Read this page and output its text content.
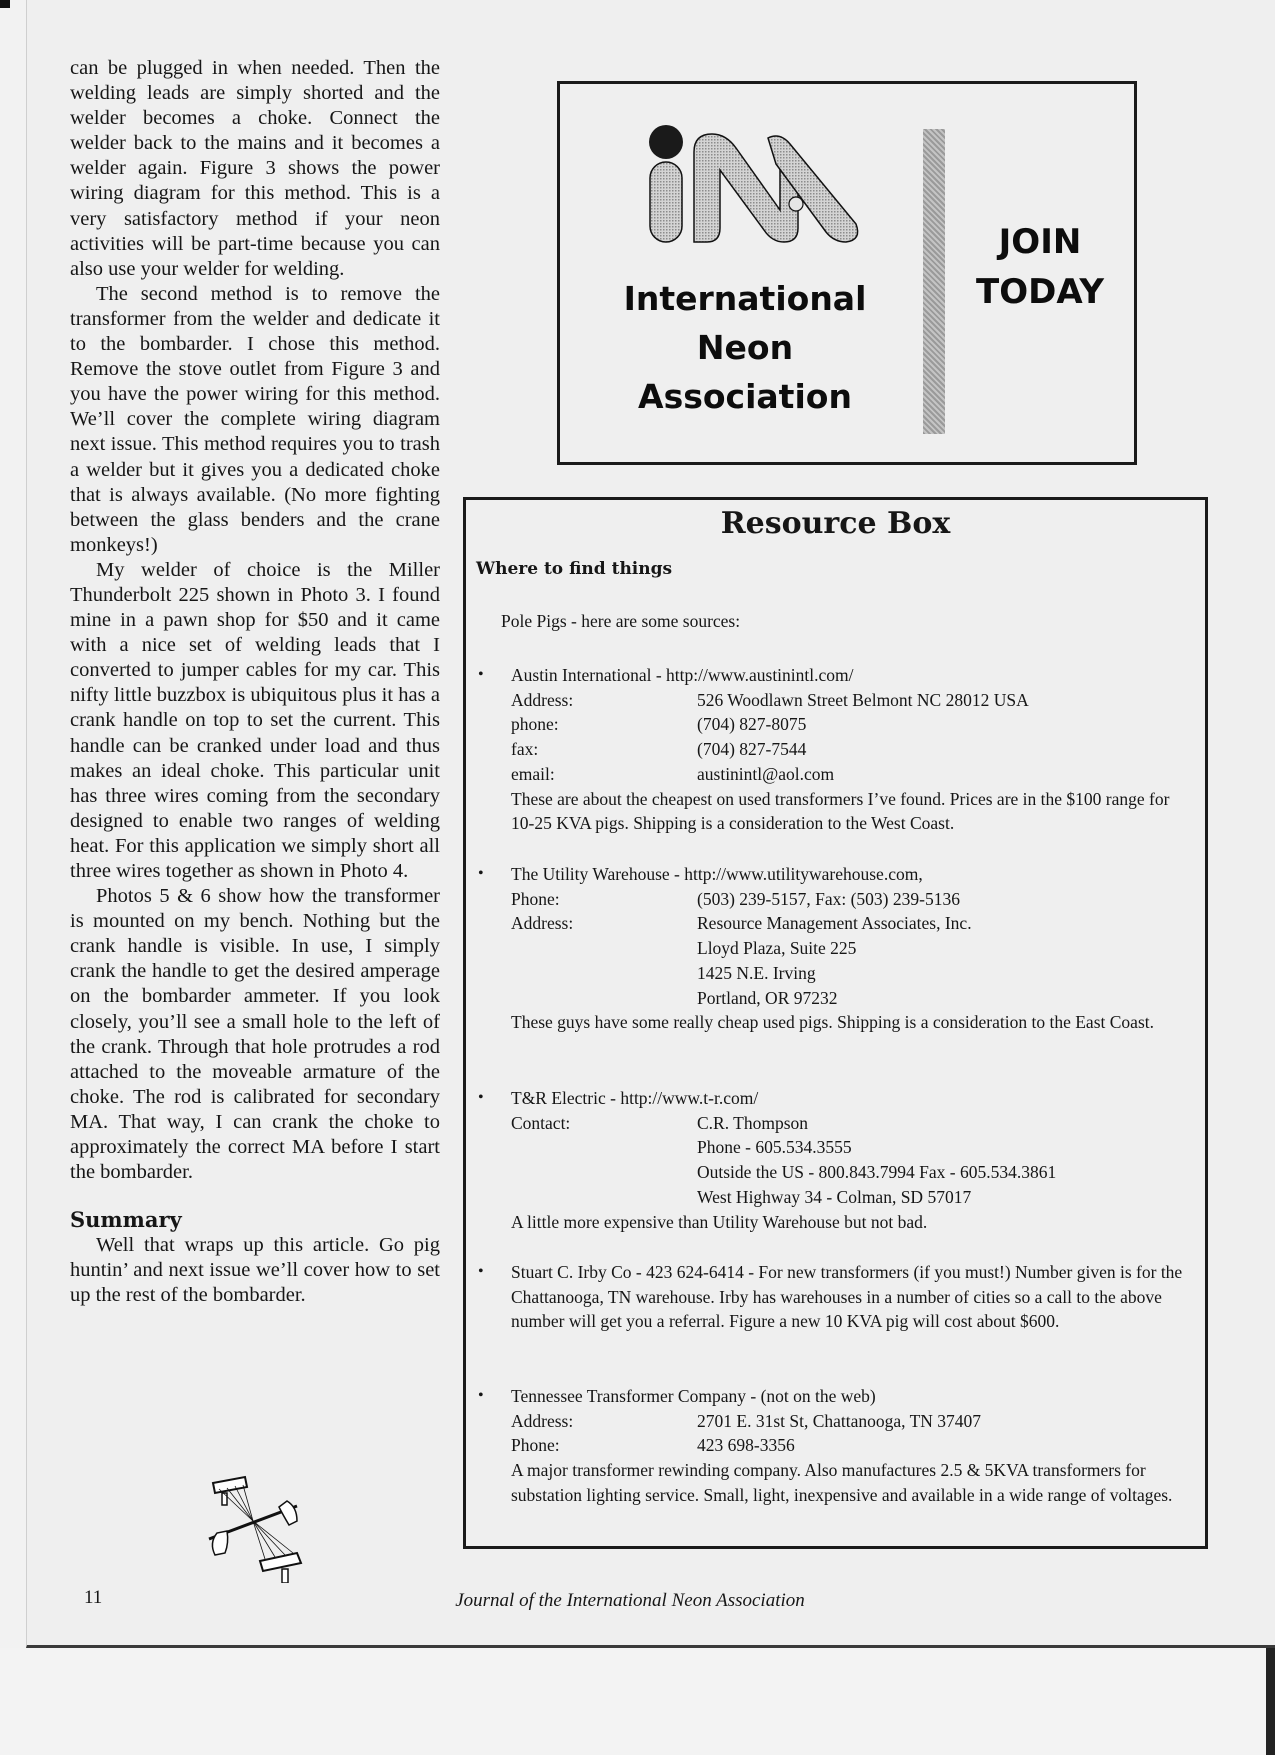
can be plugged in when needed. Then the welding leads are simply shorted and the welder becomes a choke. Connect the welder back to the mains and it becomes a welder again. Figure 3 shows the power wiring diagram for this method. This is a very satisfactory method if your neon activities will be part-time because you can also use your welder for welding.

The second method is to remove the transformer from the welder and dedicate it to the bombarder. I chose this method. Remove the stove outlet from Figure 3 and you have the power wiring for this method. We’ll cover the complete wiring diagram next issue. This method requires you to trash a welder but it gives you a dedicated choke that is always available. (No more fighting between the glass benders and the crane monkeys!)

My welder of choice is the Miller Thunderbolt 225 shown in Photo 3. I found mine in a pawn shop for $50 and it came with a nice set of welding leads that I converted to jumper cables for my car. This nifty little buzzbox is ubiquitous plus it has a crank handle on top to set the current. This handle can be cranked under load and thus makes an ideal choke. This particular unit has three wires coming from the secondary designed to enable two ranges of welding heat. For this application we simply short all three wires together as shown in Photo 4.

Photos 5 & 6 show how the transformer is mounted on my bench. Nothing but the crank handle is visible. In use, I simply crank the handle to get the desired amperage on the bombarder ammeter. If you look closely, you’ll see a small hole to the left of the crank. Through that hole protrudes a rod attached to the moveable armature of the choke. The rod is calibrated for secondary MA. That way, I can crank the choke to approximately the correct MA before I start the bombarder.

Summary

Well that wraps up this article. Go pig huntin’ and next issue we’ll cover how to set up the rest of the bombarder.

International
Neon
Association
JOIN
TODAY
Resource Box
Where to find things
Pole Pigs - here are some sources:
• Austin International - http://www.austinintl.com/
Address:	526 Woodlawn Street Belmont NC 28012 USA
phone:	(704) 827-8075
fax:	(704) 827-7544
email:	austinintl@aol.com
These are about the cheapest on used transformers I’ve found. Prices are in the $100 range for 10-25 KVA pigs. Shipping is a consideration to the West Coast.
• The Utility Warehouse - http://www.utilitywarehouse.com,
Phone:	(503) 239-5157, Fax: (503) 239-5136
Address:	Resource Management Associates, Inc.
Lloyd Plaza, Suite 225
1425 N.E. Irving
Portland, OR 97232
These guys have some really cheap used pigs. Shipping is a consideration to the East Coast.
• T&R Electric - http://www.t-r.com/
Contact:	C.R. Thompson
Phone - 605.534.3555
Outside the US - 800.843.7994 Fax - 605.534.3861
West Highway 34 - Colman, SD 57017
A little more expensive than Utility Warehouse but not bad.
• Stuart C. Irby Co - 423 624-6414 - For new transformers (if you must!) Number given is for the Chattanooga, TN warehouse. Irby has warehouses in a number of cities so a call to the above number will get you a referral. Figure a new 10 KVA pig will cost about $600.
• Tennessee Transformer Company - (not on the web)
Address:	2701 E. 31st St, Chattanooga, TN 37407
Phone:	423 698-3356
A major transformer rewinding company. Also manufactures 2.5 & 5KVA transformers for substation lighting service. Small, light, inexpensive and available in a wide range of voltages.
11	Journal of the International Neon Association
